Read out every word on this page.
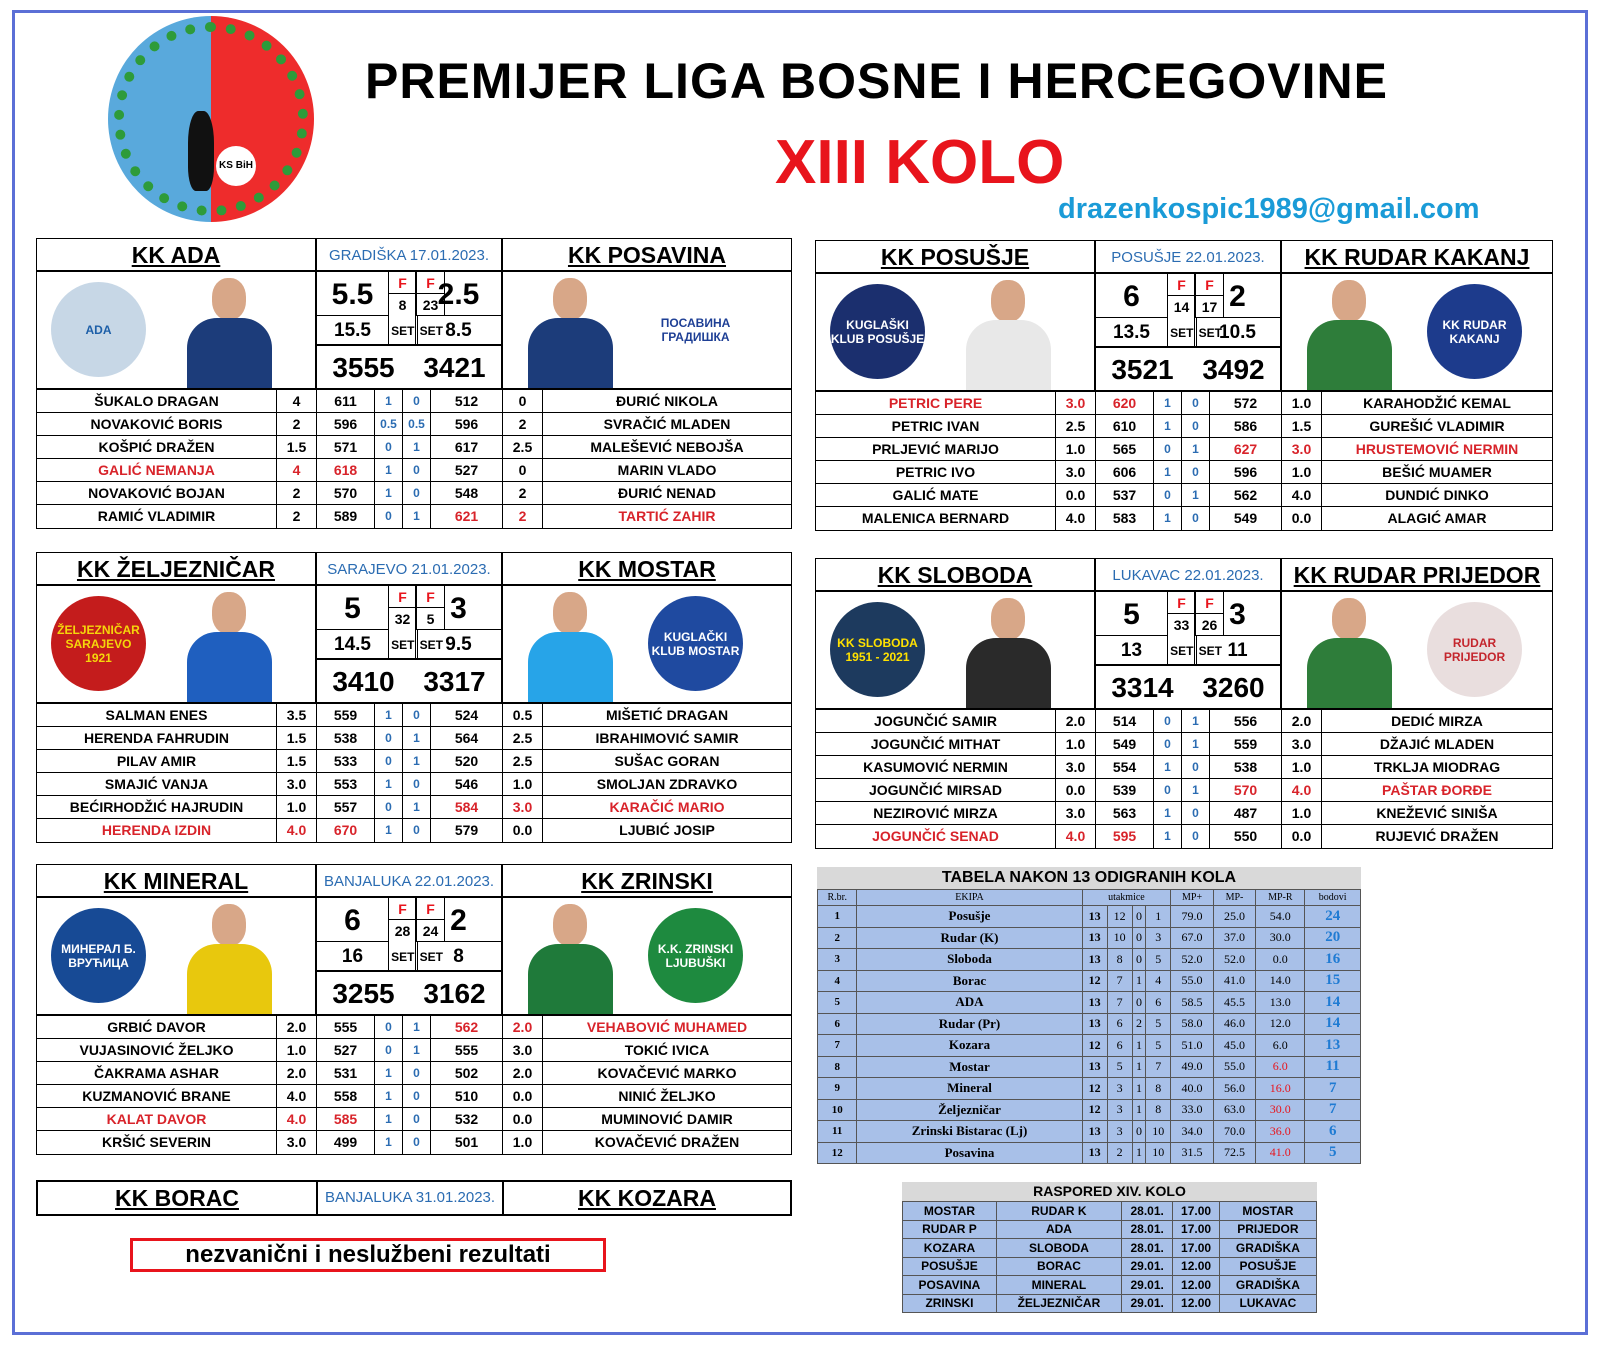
KS BiH
PREMIJER LIGA BOSNE I HERCEGOVINE
XIII KOLO
drazenkospic1989@gmail.com
KK ADA	GRADIŠKA 17.01.2023.	KK POSAVINA
ADA
5.5	F
8
F
23 2.5
15.5	SET SET 8.5
3555	3421
ПОСАВИНА ГРАДИШКА
ŠUKALO DRAGAN	4	611	1	0	512	0	ĐURIĆ NIKOLA
NOVAKOVIĆ BORIS	2	596	0.5 0.5	596	2	SVRAČIĆ MLADEN
KOŠPIĆ DRAŽEN	1.5	571	0	1	617	2.5	MALEŠEVIĆ NEBOJŠA
GALIĆ NEMANJA	4	618	1	0	527	0	MARIN VLADO
NOVAKOVIĆ BOJAN	2	570	1	0	548	2	ĐURIĆ NENAD
RAMIĆ VLADIMIR	2	589	0	1	621	2	TARTIĆ ZAHIR
KK POSUŠJE	POSUŠJE 22.01.2023.	KK RUDAR KAKANJ
KUGLAŠKI KLUB POSUŠJE
6	F
14
F
17 2
13.5	SET SET
10.5
3521	3492
KK RUDAR KAKANJ
PETRIC PERE	3.0	620	1	0	572	1.0	KARAHODŽIĆ KEMAL
PETRIC IVAN	2.5	610	1	0	586	1.5	GUREŠIĆ VLADIMIR
PRLJEVIĆ MARIJO	1.0	565	0	1	627	3.0	HRUSTEMOVIĆ NERMIN
PETRIC IVO	3.0	606	1	0	596	1.0	BEŠIĆ MUAMER
GALIĆ MATE	0.0	537	0	1	562	4.0	DUNDIĆ DINKO
MALENICA BERNARD	4.0	583	1	0	549	0.0	ALAGIĆ AMAR
KK ŽELJEZNIČAR	SARAJEVO 21.01.2023.	KK MOSTAR
ŽELJEZNIČAR SARAJEVO 1921
5	F
32
F
5 3
14.5	SET SET 9.5
3410	3317
KUGLAČKI KLUB MOSTAR
SALMAN ENES	3.5	559	1	0	524	0.5	MIŠETIĆ DRAGAN
HERENDA FAHRUDIN	1.5	538	0	1	564	2.5	IBRAHIMOVIĆ SAMIR
PILAV AMIR	1.5	533	0	1	520	2.5	SUŠAC GORAN
SMAJIĆ VANJA	3.0	553	1	0	546	1.0	SMOLJAN ZDRAVKO
BEĆIRHODŽIĆ HAJRUDIN	1.0	557	0	1	584	3.0	KARAČIĆ MARIO
HERENDA IZDIN	4.0	670	1	0	579	0.0	LJUBIĆ JOSIP
KK SLOBODA	LUKAVAC 22.01.2023.	KK RUDAR PRIJEDOR
KK SLOBODA 1951 - 2021
5	F
33
F
26 3
13	SET SET 11
3314	3260
RUDAR PRIJEDOR
JOGUNČIĆ SAMIR	2.0	514	0	1	556	2.0	DEDIĆ MIRZA
JOGUNČIĆ MITHAT	1.0	549	0	1	559	3.0	DŽAJIĆ MLADEN
KASUMOVIĆ NERMIN	3.0	554	1	0	538	1.0	TRKLJA MIODRAG
JOGUNČIĆ MIRSAD	0.0	539	0	1	570	4.0	PAŠTAR ĐORĐE
NEZIROVIĆ MIRZA	3.0	563	1	0	487	1.0	KNEŽEVIĆ SINIŠA
JOGUNČIĆ SENAD	4.0	595	1	0	550	0.0	RUJEVIĆ DRAŽEN
KK MINERAL	BANJALUKA 22.01.2023.	KK ZRINSKI
МИНЕРАЛ Б. ВРУЋИЦА
6	F
28
F
24 2
16	SET SET 8
3255	3162
K.K. ZRINSKI LJUBUŠKI
GRBIĆ DAVOR	2.0	555	0	1	562	2.0	VEHABOVIĆ MUHAMED
VUJASINOVIĆ ŽELJKO	1.0	527	0	1	555	3.0	TOKIĆ IVICA
ČAKRAMA ASHAR	2.0	531	1	0	502	2.0	KOVAČEVIĆ MARKO
KUZMANOVIĆ BRANE	4.0	558	1	0	510	0.0	NINIĆ ŽELJKO
KALAT DAVOR	4.0	585	1	0	532	0.0	MUMINOVIĆ DAMIR
KRŠIĆ SEVERIN	3.0	499	1	0	501	1.0	KOVAČEVIĆ DRAŽEN
KK BORAC	BANJALUKA 31.01.2023.	KK KOZARA
nezvanični i neslužbeni rezultati
TABELA NAKON 13 ODIGRANIH KOLA
R.br.	EKIPA	utakmice				MP+	MP-	MP-R	bodovi
1	Posušje	13	12	0	1	79.0	25.0	54.0	24
2	Rudar (K)	13	10	0	3	67.0	37.0	30.0	20
3	Sloboda	13	8	0	5	52.0	52.0	0.0	16
4	Borac	12	7	1	4	55.0	41.0	14.0	15
5	ADA	13	7	0	6	58.5	45.5	13.0	14
6	Rudar (Pr)	13	6	2	5	58.0	46.0	12.0	14
7	Kozara	12	6	1	5	51.0	45.0	6.0	13
8	Mostar	13	5	1	7	49.0	55.0	6.0	11
9	Mineral	12	3	1	8	40.0	56.0	16.0	7
10	Željezničar	12	3	1	8	33.0	63.0	30.0	7
11	Zrinski Bistarac (Lj)	13	3	0	10	34.0	70.0	36.0	6
12	Posavina	13	2	1	10	31.5	72.5	41.0	5
RASPORED XIV. KOLO
MOSTAR	RUDAR K	28.01.	17.00	MOSTAR
RUDAR P	ADA	28.01.	17.00	PRIJEDOR
KOZARA	SLOBODA	28.01.	17.00	GRADIŠKA
POSUŠJE	BORAC	29.01.	12.00	POSUŠJE
POSAVINA	MINERAL	29.01.	12.00	GRADIŠKA
ZRINSKI	ŽELJEZNIČAR	29.01.	12.00	LUKAVAC
